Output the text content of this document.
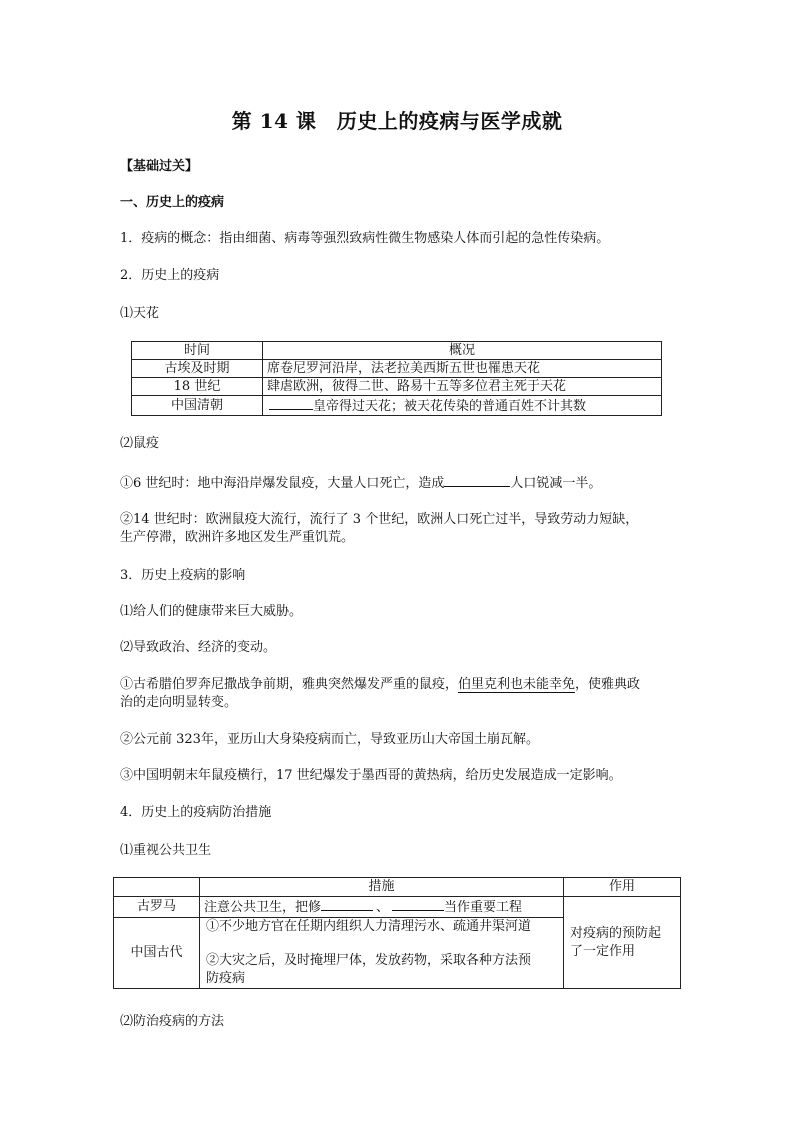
第 14 课　历史上的疫病与医学成就
【基础过关】
一、历史上的疫病
1．疫病的概念：指由细菌、病毒等强烈致病性微生物感染人体而引起的急性传染病。
2．历史上的疫病
⑴天花
时间	概况
古埃及时期	席卷尼罗河沿岸，法老拉美西斯五世也罹患天花
18 世纪	肆虐欧洲，彼得二世、路易十五等多位君主死于天花
中国清朝	皇帝得过天花；被天花传染的普通百姓不计其数
⑵鼠疫
①6 世纪时：地中海沿岸爆发鼠疫，大量人口死亡，造成	人口锐减一半。
②14 世纪时：欧洲鼠疫大流行，流行了 3 个世纪，欧洲人口死亡过半，导致劳动力短缺，
生产停滞，欧洲许多地区发生严重饥荒。
3．历史上疫病的影响
⑴给人们的健康带来巨大威胁。
⑵导致政治、经济的变动。
①古希腊伯罗奔尼撒战争前期，雅典突然爆发严重的鼠疫，伯里克利也未能幸免，使雅典政
治的走向明显转变。
②公元前 323年，亚历山大身染疫病而亡，导致亚历山大帝国土崩瓦解。
③中国明朝末年鼠疫横行，17 世纪爆发于墨西哥的黄热病，给历史发展造成一定影响。
4．历史上的疫病防治措施
⑴重视公共卫生
	措施	作用
古罗马	注意公共卫生，把修 、 当作重要工程	对疫病的预防起
了一定作用

中国古代	①不少地方官在任期内组织人力清理污水、疏通井渠河道
②大灾之后，及时掩埋尸体，发放药物，采取各种方法预
防疫病	
⑵防治疫病的方法
